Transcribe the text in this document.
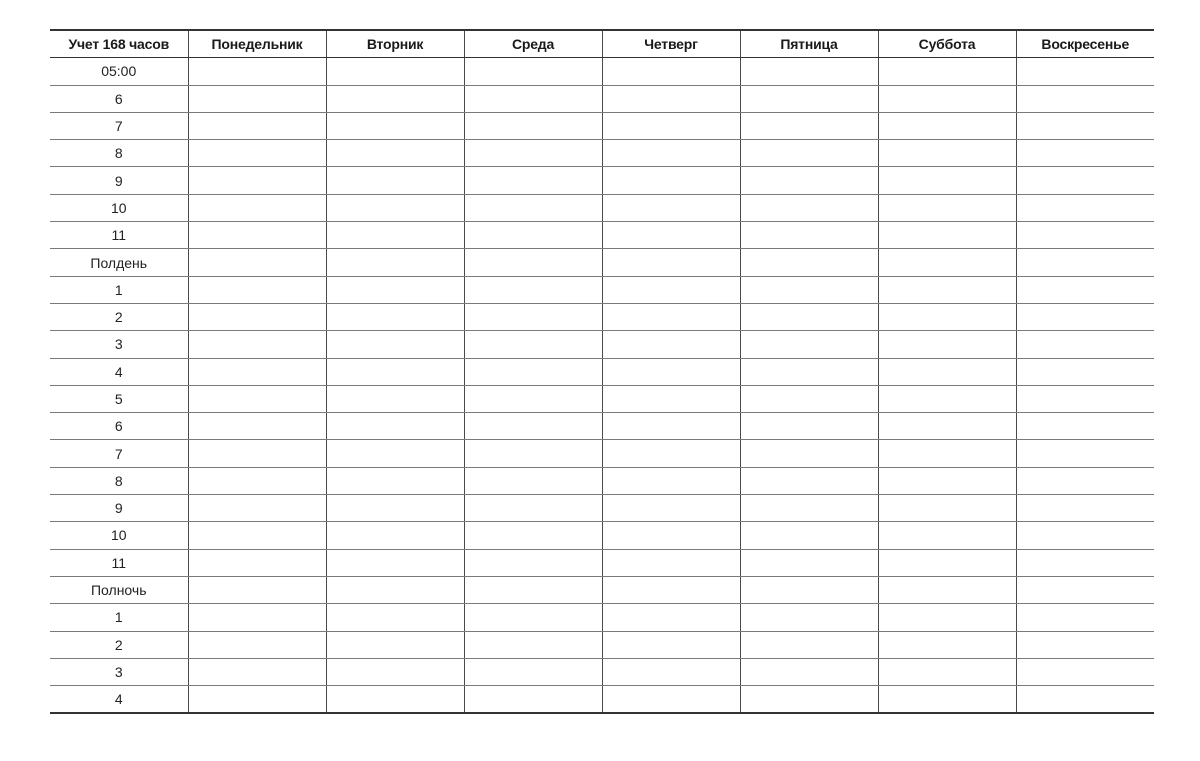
Учет 168 часов	Понедельник	Вторник	Среда	Четверг	Пятница	Суббота	Воскресенье
05:00							
6							
7							
8							
9							
10							
11							
Полдень							
1							
2							
3							
4							
5							
6							
7							
8							
9							
10							
11							
Полночь							
1							
2							
3							
4							
